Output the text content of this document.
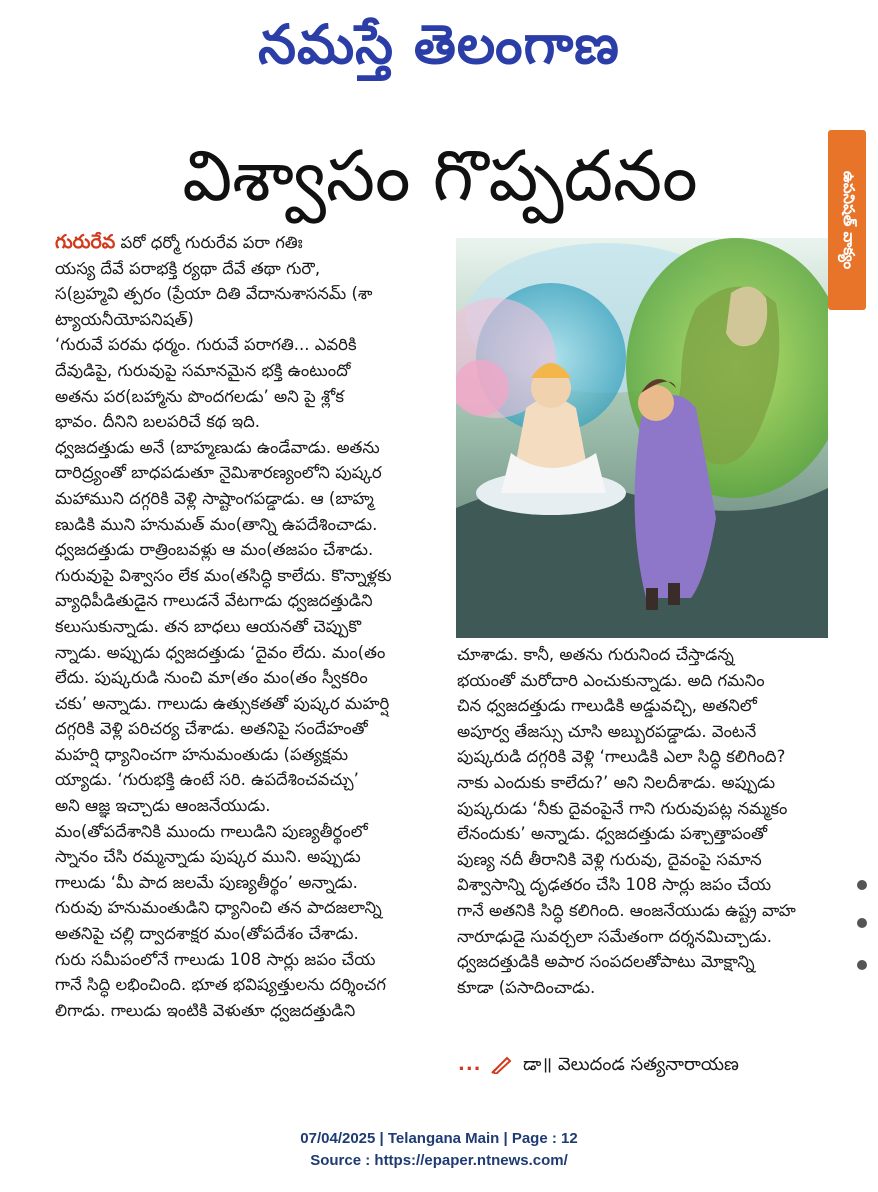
నమస్తే తెలంగాణ
విశ్వాసం గొప్పదనం	ఉపనిషత్ వాక్యం

గురురేవ పరో ధర్మో గురురేవ పరా గతిః

యస్య దేవే పరాభక్తి ర్యథా దేవే తథా గురౌ,

స(బ్రహ్మవి త్పరం (ప్రేయా దితి వేదానుశాసనమ్ (శా

ట్యాయనీయోపనిషత్)

‘గురువే పరమ ధర్మం. గురువే పరాగతి... ఎవరికి

దేవుడిపై, గురువుపై సమానమైన భక్తి ఉంటుందో

అతను పర(బహ్మాను పొందగలడు’ అని పై శ్లోక

భావం. దీనిని బలపరిచే కథ ఇది.

ధ్వజదత్తుడు అనే (బాహ్మణుడు ఉండేవాడు. అతను

దారిద్ర్యంతో బాధపడుతూ నైమిశారణ్యంలోని పుష్కర

మహాముని దగ్గరికి వెళ్లి సాష్టాంగపడ్డాడు. ఆ (బాహ్మ

ణుడికి ముని హనుమత్ మం(తాన్ని ఉపదేశించాడు.

ధ్వజదత్తుడు రాత్రింబవళ్లు ఆ మం(తజపం చేశాడు.

గురువుపై విశ్వాసం లేక మం(తసిద్ధి కాలేదు. కొన్నాళ్లకు

వ్యాధిపీడితుడైన గాలుడనే వేటగాడు ధ్వజదత్తుడిని

కలుసుకున్నాడు. తన బాధలు ఆయనతో చెప్పుకొ

న్నాడు. అప్పుడు ధ్వజదత్తుడు ‘దైవం లేదు. మం(తం

లేదు. పుష్కరుడి నుంచి మా(తం మం(తం స్వీకరిం

చకు’ అన్నాడు. గాలుడు ఉత్సుకతతో పుష్కర మహర్షి

దగ్గరికి వెళ్లి పరిచర్య చేశాడు. అతనిపై సందేహంతో

మహర్షి ధ్యానించగా హనుమంతుడు (పత్యక్షమ

య్యాడు. ‘గురుభక్తి ఉంటే సరి. ఉపదేశించవచ్చు’

అని ఆజ్ఞ ఇచ్చాడు ఆంజనేయుడు.

మం(తోపదేశానికి ముందు గాలుడిని పుణ్యతీర్థంలో

స్నానం చేసి రమ్మన్నాడు పుష్కర ముని. అప్పుడు

గాలుడు ‘మీ పాద జలమే పుణ్యతీర్థం’ అన్నాడు.

గురువు హనుమంతుడిని ధ్యానించి తన పాదజలాన్ని

అతనిపై చల్లి ద్వాదశాక్షర మం(తోపదేశం చేశాడు.

గురు సమీపంలోనే గాలుడు 108 సార్లు జపం చేయ

గానే సిద్ధి లభించింది. భూత భవిష్యత్తులను దర్శించగ

లిగాడు. గాలుడు ఇంటికి వెళుతూ ధ్వజదత్తుడిని

చూశాడు. కానీ, అతను గురునింద చేస్తాడన్న

భయంతో మరోదారి ఎంచుకున్నాడు. అది గమనిం

చిన ధ్వజదత్తుడు గాలుడికి అడ్డువచ్చి, అతనిలో

అపూర్వ తేజస్సు చూసి అబ్బురపడ్డాడు. వెంటనే

పుష్కరుడి దగ్గరికి వెళ్లి ‘గాలుడికి ఎలా సిద్ధి కలిగింది?

నాకు ఎందుకు కాలేదు?’ అని నిలదీశాడు. అప్పుడు

పుష్కరుడు ‘నీకు దైవంపైనే గాని గురువుపట్ల నమ్మకం

లేనందుకు’ అన్నాడు. ధ్వజదత్తుడు పశ్చాత్తాపంతో

పుణ్య నదీ తీరానికి వెళ్లి గురువు, దైవంపై సమాన

విశ్వాసాన్ని దృఢతరం చేసి 108 సార్లు జపం చేయ

గానే అతనికి సిద్ధి కలిగింది. ఆంజనేయుడు ఉష్ట్ర వాహ

నారూఢుడై సువర్చలా సమేతంగా దర్శనమిచ్చాడు.

ధ్వజదత్తుడికి అపార సంపదలతోపాటు మోక్షాన్ని

కూడా (పసాదించాడు.

... డా॥ వెలుదండ సత్యనారాయణ
07/04/2025 | Telangana Main | Page : 12
Source : https://epaper.ntnews.com/
